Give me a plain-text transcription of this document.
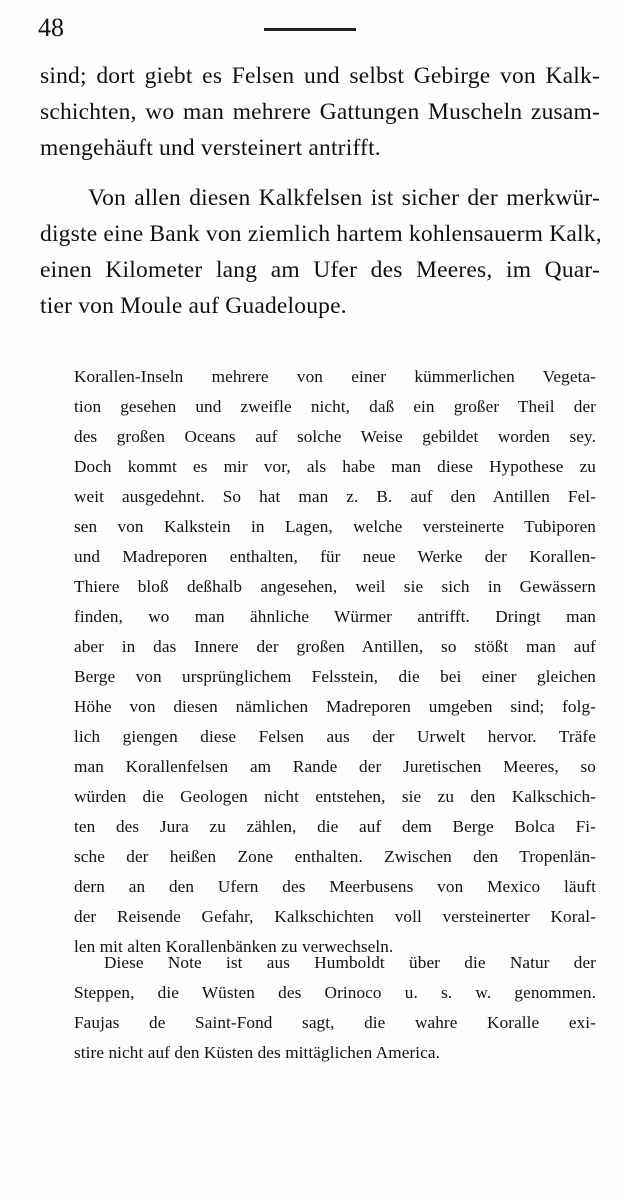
48
sind; dort giebt es Felsen und selbst Gebirge von Kalk-
schichten, wo man mehrere Gattungen Muscheln zusam-
mengehäuft und versteinert antrifft.
Von allen diesen Kalkfelsen ist sicher der merkwür-
digste eine Bank von ziemlich hartem kohlensauerm Kalk,
einen Kilometer lang am Ufer des Meeres, im Quar-
tier von Moule auf Guadeloupe.
Korallen-Inseln mehrere von einer kümmerlichen Vegeta-
tion gesehen und zweifle nicht, daß ein großer Theil der
des großen Oceans auf solche Weise gebildet worden sey.
Doch kommt es mir vor, als habe man diese Hypothese zu
weit ausgedehnt. So hat man z. B. auf den Antillen Fel-
sen von Kalkstein in Lagen, welche versteinerte Tubiporen
und Madreporen enthalten, für neue Werke der Korallen-
Thiere bloß deßhalb angesehen, weil sie sich in Gewässern
finden, wo man ähnliche Würmer antrifft. Dringt man
aber in das Innere der großen Antillen, so stößt man auf
Berge von ursprünglichem Felsstein, die bei einer gleichen
Höhe von diesen nämlichen Madreporen umgeben sind; folg-
lich giengen diese Felsen aus der Urwelt hervor. Träfe
man Korallenfelsen am Rande der Juretischen Meeres, so
würden die Geologen nicht entstehen, sie zu den Kalkschich-
ten des Jura zu zählen, die auf dem Berge Bolca Fi-
sche der heißen Zone enthalten. Zwischen den Tropenlän-
dern an den Ufern des Meerbusens von Mexico läuft
der Reisende Gefahr, Kalkschichten voll versteinerter Koral-
len mit alten Korallenbänken zu verwechseln.
Diese Note ist aus Humboldt über die Natur der
Steppen, die Wüsten des Orinoco u. s. w. genommen.
Faujas de Saint-Fond sagt, die wahre Koralle exi-
stire nicht auf den Küsten des mittäglichen America.
